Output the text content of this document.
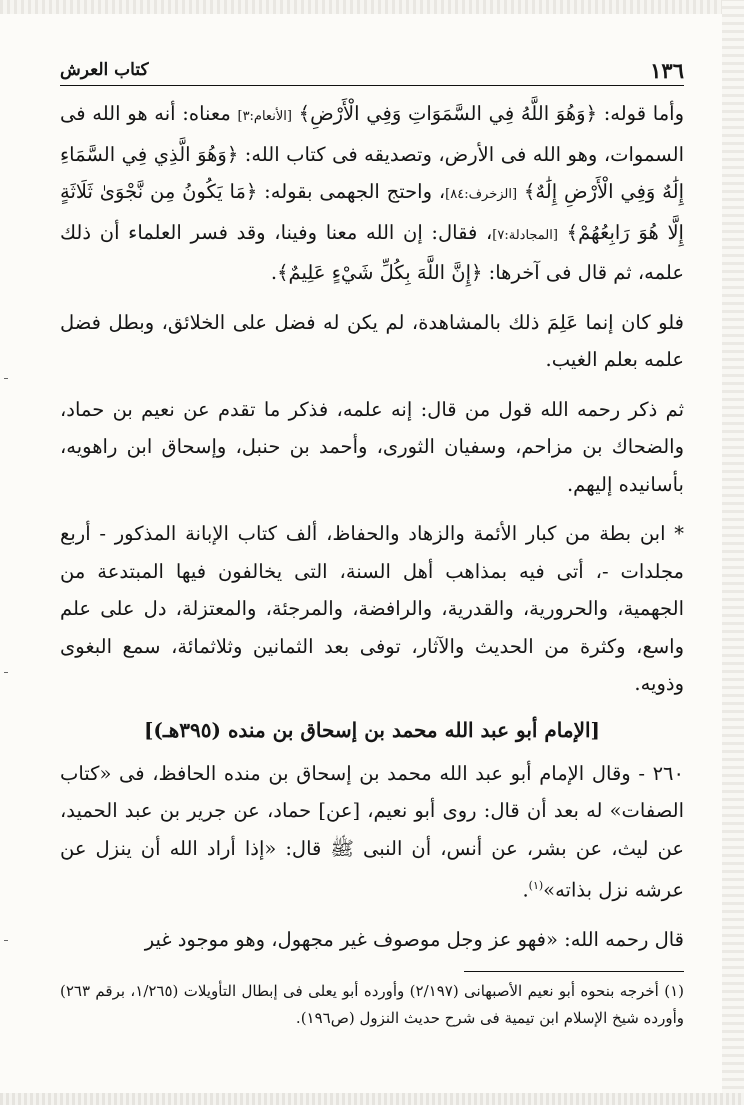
١٣٦
كتاب العرش

وأما قوله: ﴿وَهُوَ اللَّهُ فِي السَّمَوَاتِ وَفِي الْأَرْضِ﴾ [الأنعام:٣] معناه: أنه هو الله فى السموات، وهو الله فى الأرض، وتصديقه فى كتاب الله: ﴿وَهُوَ الَّذِي فِي السَّمَاءِ إِلَٰهٌ وَفِي الْأَرْضِ إِلَٰهٌ﴾ [الزخرف:٨٤]، واحتج الجهمى بقوله: ﴿مَا يَكُونُ مِن نَّجْوَىٰ ثَلَاثَةٍ إِلَّا هُوَ رَابِعُهُمْ﴾ [المجادلة:٧]، فقال: إن الله معنا وفينا، وقد فسر العلماء أن ذلك علمه، ثم قال فى آخرها: ﴿إِنَّ اللَّهَ بِكُلِّ شَيْءٍ عَلِيمٌ﴾.

فلو كان إنما عَلِمَ ذلك بالمشاهدة، لم يكن له فضل على الخلائق، وبطل فضل علمه بعلم الغيب.

ثم ذكر رحمه الله قول من قال: إنه علمه، فذكر ما تقدم عن نعيم بن حماد، والضحاك بن مزاحم، وسفيان الثورى، وأحمد بن حنبل، وإسحاق ابن راهويه، بأسانيده إليهم.

* ابن بطة من كبار الأئمة والزهاد والحفاظ، ألف كتاب الإبانة المذكور - أربع مجلدات -، أتى فيه بمذاهب أهل السنة، التى يخالفون فيها المبتدعة من الجهمية، والحرورية، والقدرية، والرافضة، والمرجئة، والمعتزلة، دل على علم واسع، وكثرة من الحديث والآثار، توفى بعد الثمانين وثلاثمائة، سمع البغوى وذويه.

[الإمام أبو عبد الله محمد بن إسحاق بن منده (٣٩٥هـ)]

٢٦٠ - وقال الإمام أبو عبد الله محمد بن إسحاق بن منده الحافظ، فى «كتاب الصفات» له بعد أن قال: روى أبو نعيم، [عن] حماد، عن جرير بن عبد الحميد، عن ليث، عن بشر، عن أنس، أن النبى ﷺ قال: «إذا أراد الله أن ينزل عن عرشه نزل بذاته»$^{(١)}$.

قال رحمه الله: «فهو عز وجل موصوف غير مجهول، وهو موجود غير

(١) أخرجه بنحوه أبو نعيم الأصبهانى (٢/١٩٧) وأورده أبو يعلى فى إبطال التأويلات (١/٢٦٥، برقم ٢٦٣) وأورده شيخ الإسلام ابن تيمية فى شرح حديث النزول (ص١٩٦).
